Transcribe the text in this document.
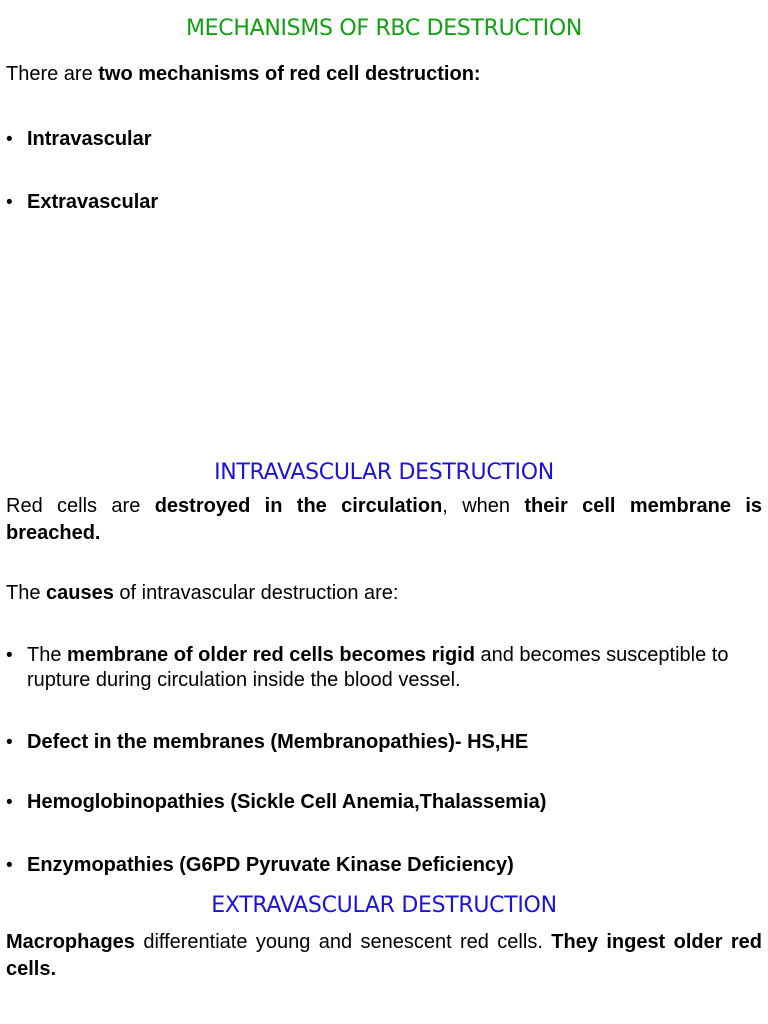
MECHANISMS OF RBC DESTRUCTION

There are two mechanisms of red cell destruction:

• Intravascular
• Extravascular
INTRAVASCULAR DESTRUCTION

Red cells are destroyed in the circulation, when their cell membrane is breached.

The causes of intravascular destruction are:

• The membrane of older red cells becomes rigid and becomes susceptible to rupture during circulation inside the blood vessel.
• Defect in the membranes (Membranopathies)- HS,HE
• Hemoglobinopathies (Sickle Cell Anemia,Thalassemia)
• Enzymopathies (G6PD Pyruvate Kinase Deficiency)
EXTRAVASCULAR DESTRUCTION

Macrophages differentiate young and senescent red cells. They ingest older red cells.
